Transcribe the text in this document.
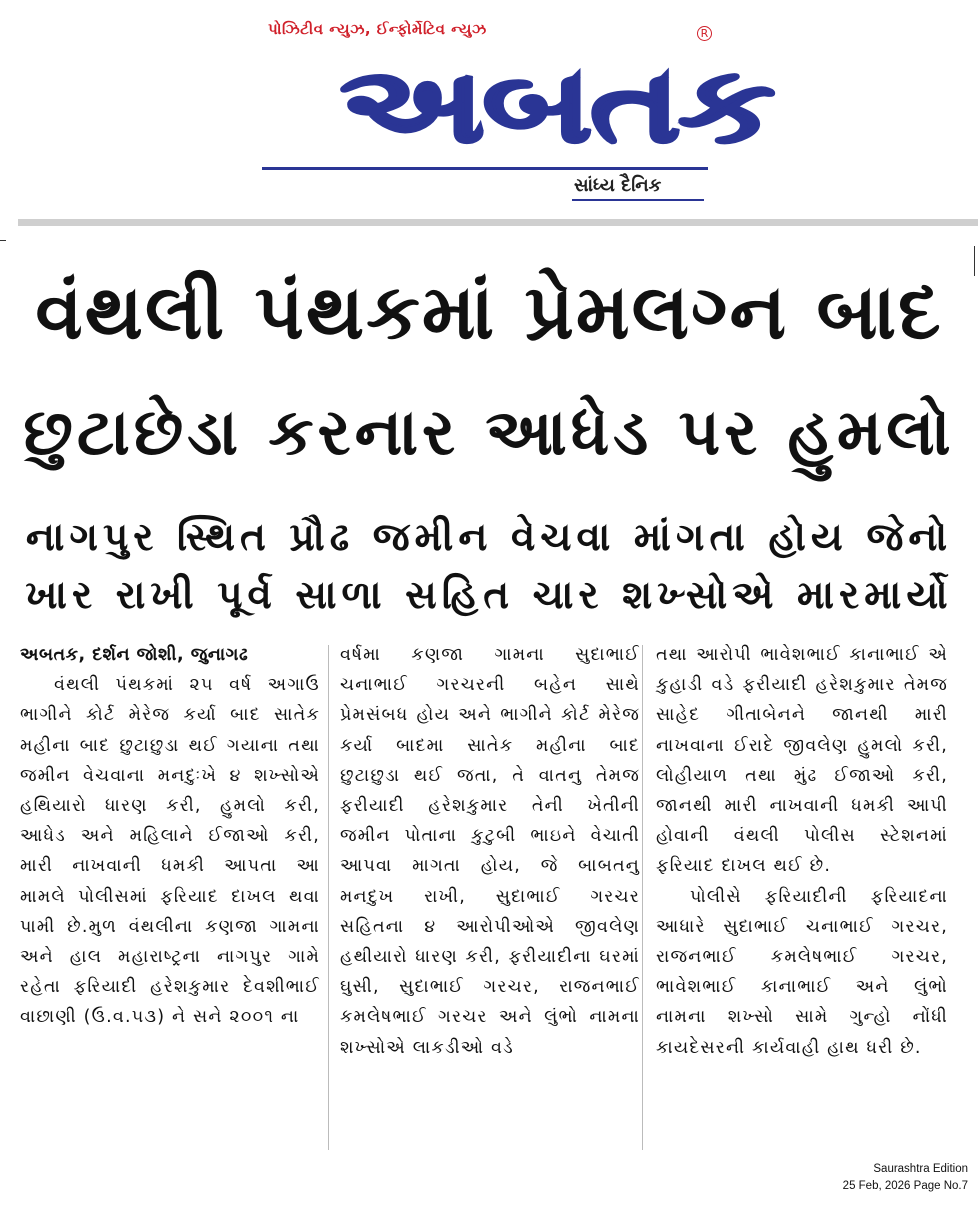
પોઝિટીવ ન્યુઝ, ઈન્ફોર્મેટિવ ન્યુઝ	R
અબતક
સાંધ્ય દૈનિક
વંથલી પંથકમાં પ્રેમલગ્ન બાદ
છુટાછેડા કરનાર આધેડ પર હુમલો
નાગપુર સ્થિત પ્રૌઢ જમીન વેચવા માંગતા હોય જેનો
ખાર રાખી પૂર્વ સાળા સહિત ચાર શખ્સોએ મારમાર્યો

અબતક, દર્શન જોશી, જુનાગઢ

વંથલી પંથકમાં ૨૫ વર્ષ અગાઉ ભાગીને કોર્ટ મેરેજ કર્યા બાદ સાતેક મહીના બાદ છુટાછુડા થઈ ગયાના તથા જમીન વેચવાના મનદુઃખે ૪ શખ્સોએ હથિયારો ધારણ કરી, હુમલો કરી, આધેડ અને મહિલાને ઈજાઓ કરી, મારી નાખવાની ધમકી આપતા આ મામલે પોલીસમાં ફરિયાદ દાખલ થવા પામી છે.મુળ વંથલીના કણજા ગામના અને હાલ મહારાષ્ટ્રના નાગપુર ગામે રહેતા ફરિયાદી હરેશકુમાર દેવશીભાઈ વાછાણી (ઉ.વ.૫૩) ને સને ૨૦૦૧ ના

વર્ષમા કણજા ગામના સુદાભાઈ ચનાભાઈ ગરચરની બહેન સાથે પ્રેમસંબધ હોય અને ભાગીને કોર્ટ મેરેજ કર્યા બાદમા સાતેક મહીના બાદ છુટાછુડા થઈ જતા, તે વાતનુ તેમજ ફરીયાદી હરેશકુમાર તેની ખેતીની જમીન પોતાના કુટુબી ભાઇને વેચાતી આપવા માગતા હોય, જે બાબતનુ મનદુખ રાખી, સુદાભાઈ ગરચર સહિતના ૪ આરોપીઓએ જીવલેણ હથીયારો ધારણ કરી, ફરીયાદીના ઘરમાં ઘુસી, સુદાભાઈ ગરચર, રાજનભાઈ કમલેષભાઈ ગરચર અને લુંભો નામના શખ્સોએ લાકડીઓ વડે

તથા આરોપી ભાવેશભાઈ કાનાભાઈ એ કુહાડી વડે ફરીયાદી હરેશકુમાર તેમજ સાહેદ ગીતાબેનને જાનથી મારી નાખવાના ઈરાદે જીવલેણ હુમલો કરી, લોહીયાળ તથા મુંઢ ઈજાઓ કરી, જાનથી મારી નાખવાની ધમકી આપી હોવાની વંથલી પોલીસ સ્ટેશનમાં ફરિયાદ દાખલ થઈ છે.

પોલીસે ફરિયાદીની ફરિયાદના આધારે સુદાભાઈ ચનાભાઈ ગરચર, રાજનભાઈ કમલેષભાઈ ગરચર, ભાવેશભાઈ કાનાભાઈ અને લુંભો નામના શખ્સો સામે ગુન્હો નોંધી કાયદેસરની કાર્યવાહી હાથ ધરી છે.

Saurashtra Edition
25 Feb, 2026 Page No.7
